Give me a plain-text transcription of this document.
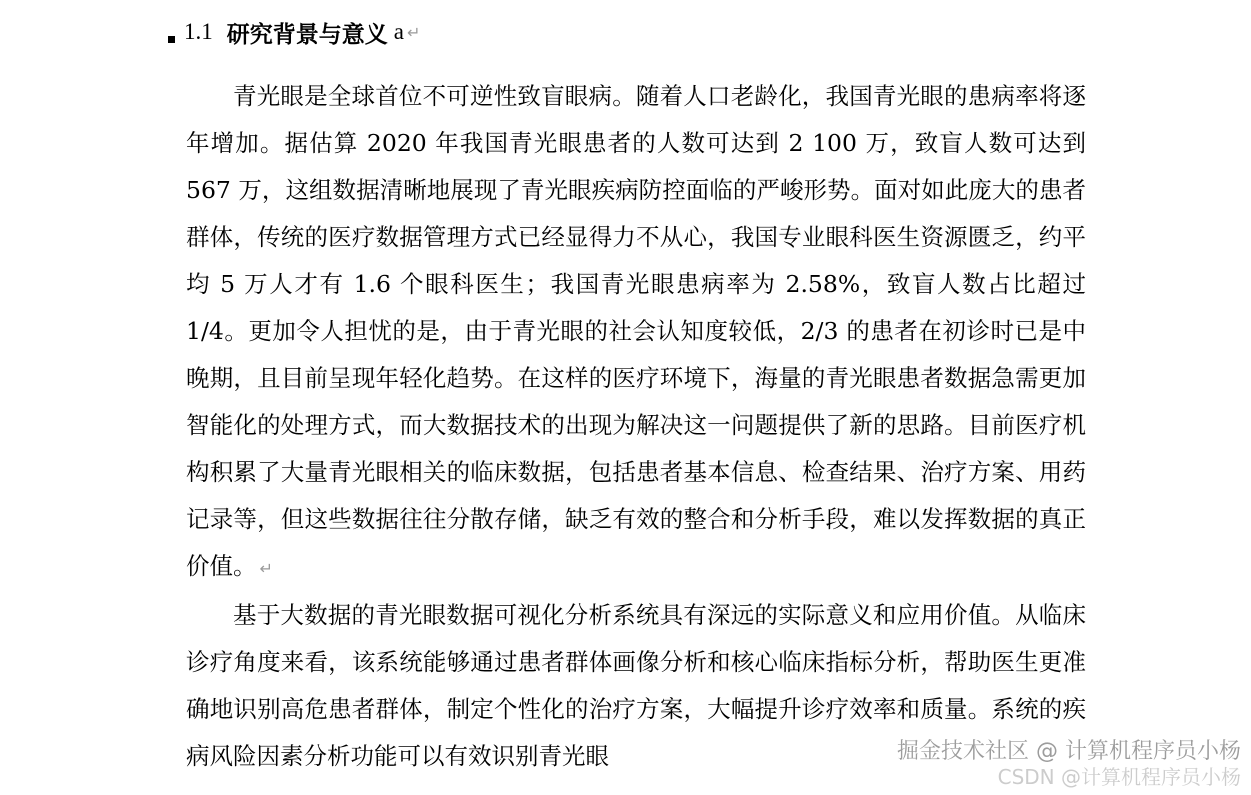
1.1 研究背景与意义 a ↵

青光眼是全球首位不可逆性致盲眼病。随着人口老龄化，我国青光眼的患病率将逐年增加。据估算 2020 年我国青光眼患者的人数可达到 2 100 万，致盲人数可达到 567 万，这组数据清晰地展现了青光眼疾病防控面临的严峻形势。面对如此庞大的患者群体，传统的医疗数据管理方式已经显得力不从心，我国专业眼科医生资源匮乏，约平均 5 万人才有 1.6 个眼科医生；我国青光眼患病率为 2.58%，致盲人数占比超过 1/4。更加令人担忧的是，由于青光眼的社会认知度较低，2/3 的患者在初诊时已是中晚期，且目前呈现年轻化趋势。在这样的医疗环境下，海量的青光眼患者数据急需更加智能化的处理方式，而大数据技术的出现为解决这一问题提供了新的思路。目前医疗机构积累了大量青光眼相关的临床数据，包括患者基本信息、检查结果、治疗方案、用药记录等，但这些数据往往分散存储，缺乏有效的整合和分析手段，难以发挥数据的真正价值。 ↵

基于大数据的青光眼数据可视化分析系统具有深远的实际意义和应用价值。从临床诊疗角度来看，该系统能够通过患者群体画像分析和核心临床指标分析，帮助医生更准确地识别高危患者群体，制定个性化的治疗方案，大幅提升诊疗效率和质量。系统的疾病风险因素分析功能可以有效识别青光眼	掘金技术社区 @ 计算机程序员小杨
CSDN @计算机程序员小杨
